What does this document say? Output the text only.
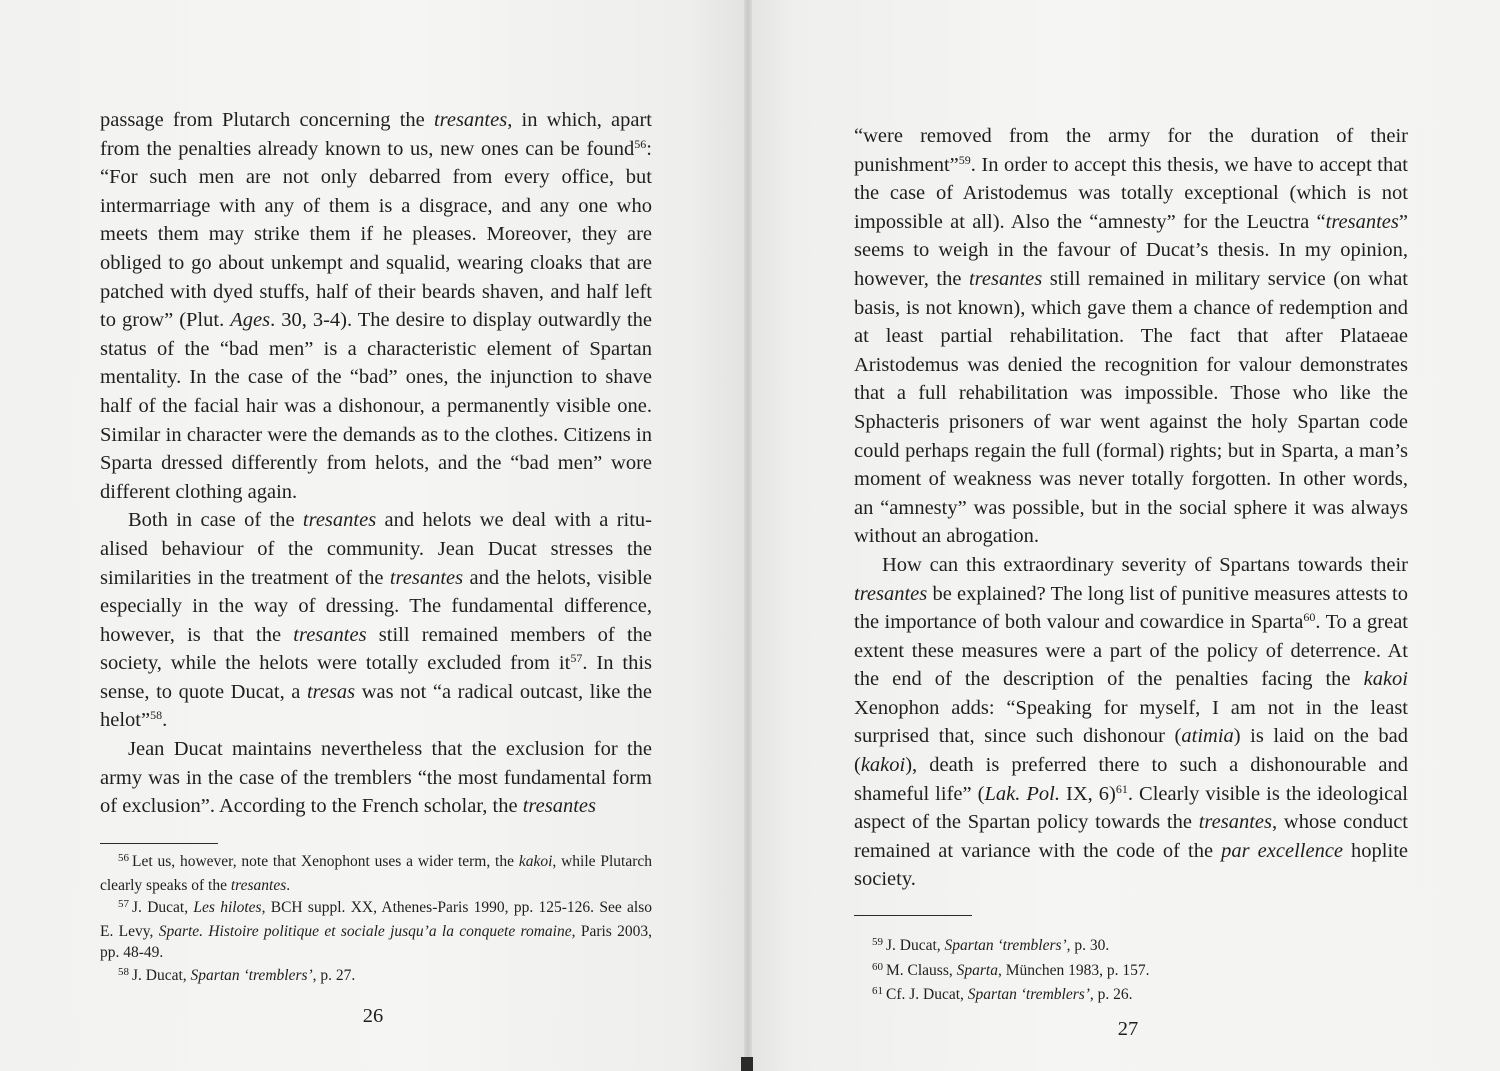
passage from Plutarch concerning the tresantes, in which, apart from the penalties already known to us, new ones can be found$^{56}$: “For such men are not only debarred from every office, but intermarriage with any of them is a disgrace, and any one who meets them may strike them if he pleases. Moreover, they are obliged to go about unkempt and squalid, wearing cloaks that are patched with dyed stuffs, half of their beards shaven, and half left to grow” (Plut. Ages. 30, 3-4). The desire to display outwardly the status of the “bad men” is a characteristic element of Spartan mentality. In the case of the “bad” ones, the injunction to shave half of the facial hair was a dishonour, a permanently visible one. Similar in character were the demands as to the clothes. Citizens in Sparta dressed differently from helots, and the “bad men” wore different clothing again.

Both in case of the tresantes and helots we deal with a ritualised behaviour of the community. Jean Ducat stresses the similarities in the treatment of the tresantes and the helots, visible especially in the way of dressing. The fundamental difference, however, is that the tresantes still remained members of the society, while the helots were totally excluded from $it^{57}$. In this sense, to quote Ducat, a tresas was not “a radical outcast, like the helot”$^{58}$.

Jean Ducat maintains nevertheless that the exclusion for the army was in the case of the tremblers “the most fundamental form of exclusion”. According to the French scholar, the tresantes

$^{56}$ Let us, however, note that Xenophont uses a wider term, the kakoi, while Plutarch clearly speaks of the tresantes.

$^{57}$ J. Ducat, Les hilotes, BCH suppl. XX, Athenes-Paris 1990, pp. 125-126. See also E. Levy, Sparte. Histoire politique et sociale jusqu’a la conquete romaine, Paris 2003, pp. 48-49.

$^{58}$ J. Ducat, Spartan ‘tremblers’, p. 27.

26

“were removed from the army for the duration of their punishment”$^{59}$. In order to accept this thesis, we have to accept that the case of Aristodemus was totally exceptional (which is not impossible at all). Also the “amnesty” for the Leuctra “tresantes” seems to weigh in the favour of Ducat’s thesis. In my opinion, however, the tresantes still remained in military service (on what basis, is not known), which gave them a chance of redemption and at least partial rehabilitation. The fact that after Plataeae Aristodemus was denied the recognition for valour demonstrates that a full rehabilitation was impossible. Those who like the Sphacteris prisoners of war went against the holy Spartan code could perhaps regain the full (formal) rights; but in Sparta, a man’s moment of weakness was never totally forgotten. In other words, an “amnesty” was possible, but in the social sphere it was always without an abrogation.

How can this extraordinary severity of Spartans towards their tresantes be explained? The long list of punitive measures attests to the importance of both valour and cowardice in Sparta$^{60}$. To a great extent these measures were a part of the policy of deterrence. At the end of the description of the penalties facing the kakoi Xenophon adds: “Speaking for myself, I am not in the least surprised that, since such dishonour (atimia) is laid on the bad (kakoi), death is preferred there to such a dishonourable and shameful life” (Lak. Pol. IX, 6)$^{61}$. Clearly visible is the ideological aspect of the Spartan policy towards the tresantes, whose conduct remained at variance with the code of the par excellence hoplite society.

$^{59}$ J. Ducat, Spartan ‘tremblers’, p. 30.

$^{60}$ M. Clauss, Sparta, München 1983, p. 157.

$^{61}$ Cf. J. Ducat, Spartan ‘tremblers’, p. 26.

27
